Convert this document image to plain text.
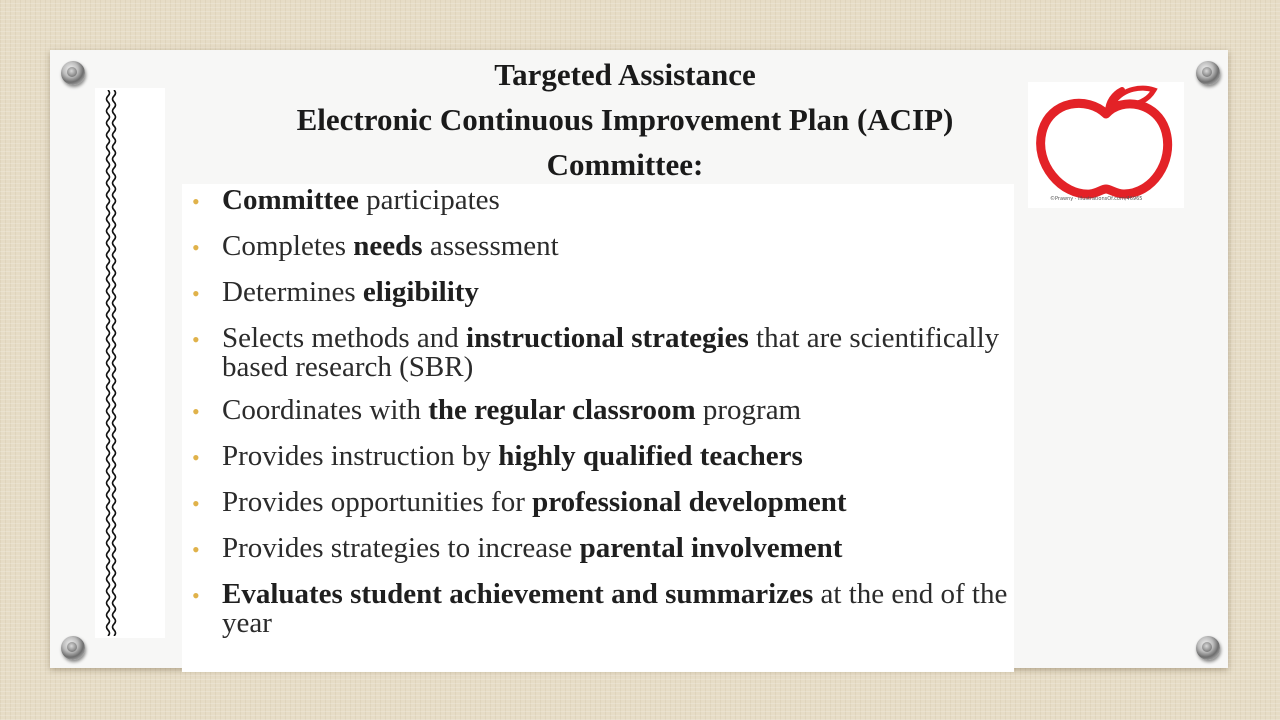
Targeted Assistance
Electronic Continuous Improvement Plan (ACIP)
Committee:
• Committee participates
• Completes needs assessment
• Determines eligibility
• Selects methods and instructional strategies that are scientifically based research (SBR)
• Coordinates with the regular classroom program
• Provides instruction by highly qualified teachers
• Provides opportunities for professional development
• Provides strategies to increase parental involvement
• Evaluates student achievement and summarizes at the end of the year
©Prawny · illustrationsOf.com/46965
